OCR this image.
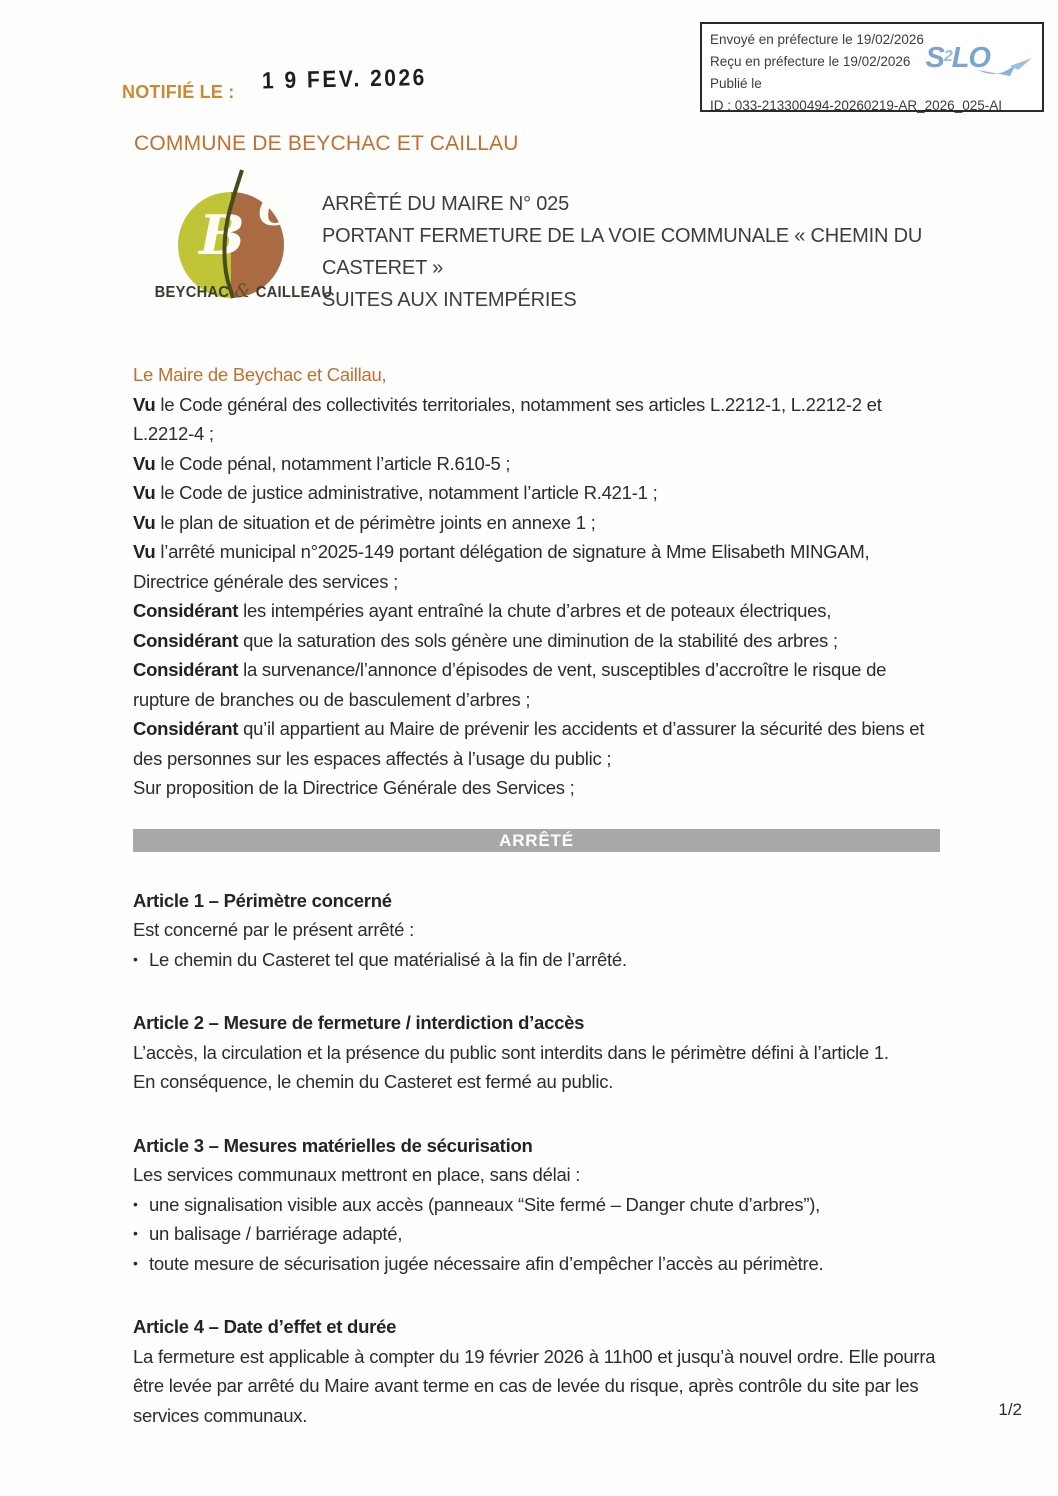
Envoyé en préfecture le 19/02/2026
Reçu en préfecture le 19/02/2026
Publié le
ID : 033-213300494-20260219-AR_2026_025-AI
S 2 LO
NOTIFIÉ LE : 1 9 FEV. 2026
COMMUNE DE BEYCHAC ET CAILLAU
B C
BEYCHAC & CAILLEAU
ARRÊTÉ DU MAIRE N° 025
PORTANT FERMETURE DE LA VOIE COMMUNALE « CHEMIN DU CASTERET »
SUITES AUX INTEMPÉRIES

Le Maire de Beychac et Caillau,

Vu le Code général des collectivités territoriales, notamment ses articles L.2212-1, L.2212-2 et L.2212-4 ;

Vu le Code pénal, notamment l’article R.610-5 ;

Vu le Code de justice administrative, notamment l’article R.421-1 ;

Vu le plan de situation et de périmètre joints en annexe 1 ;

Vu l’arrêté municipal n°2025-149 portant délégation de signature à Mme Elisabeth MINGAM, Directrice générale des services ;

Considérant les intempéries ayant entraîné la chute d’arbres et de poteaux électriques,

Considérant que la saturation des sols génère une diminution de la stabilité des arbres ;

Considérant la survenance/l’annonce d’épisodes de vent, susceptibles d’accroître le risque de rupture de branches ou de basculement d’arbres ;

Considérant qu’il appartient au Maire de prévenir les accidents et d’assurer la sécurité des biens et des personnes sur les espaces affectés à l’usage du public ;

Sur proposition de la Directrice Générale des Services ;

ARRÊTÉ
Article 1 – Périmètre concerné

Est concerné par le présent arrêté :

• Le chemin du Casteret tel que matérialisé à la fin de l’arrêté.
Article 2 – Mesure de fermeture / interdiction d’accès

L’accès, la circulation et la présence du public sont interdits dans le périmètre défini à l’article 1.

En conséquence, le chemin du Casteret est fermé au public.

Article 3 – Mesures matérielles de sécurisation

Les services communaux mettront en place, sans délai :

• une signalisation visible aux accès (panneaux “Site fermé – Danger chute d’arbres”),
• un balisage / barriérage adapté,
• toute mesure de sécurisation jugée nécessaire afin d’empêcher l’accès au périmètre.
Article 4 – Date d’effet et durée

La fermeture est applicable à compter du 19 février 2026 à 11h00 et jusqu’à nouvel ordre. Elle pourra être levée par arrêté du Maire avant terme en cas de levée du risque, après contrôle du site par les services communaux.	1/2
